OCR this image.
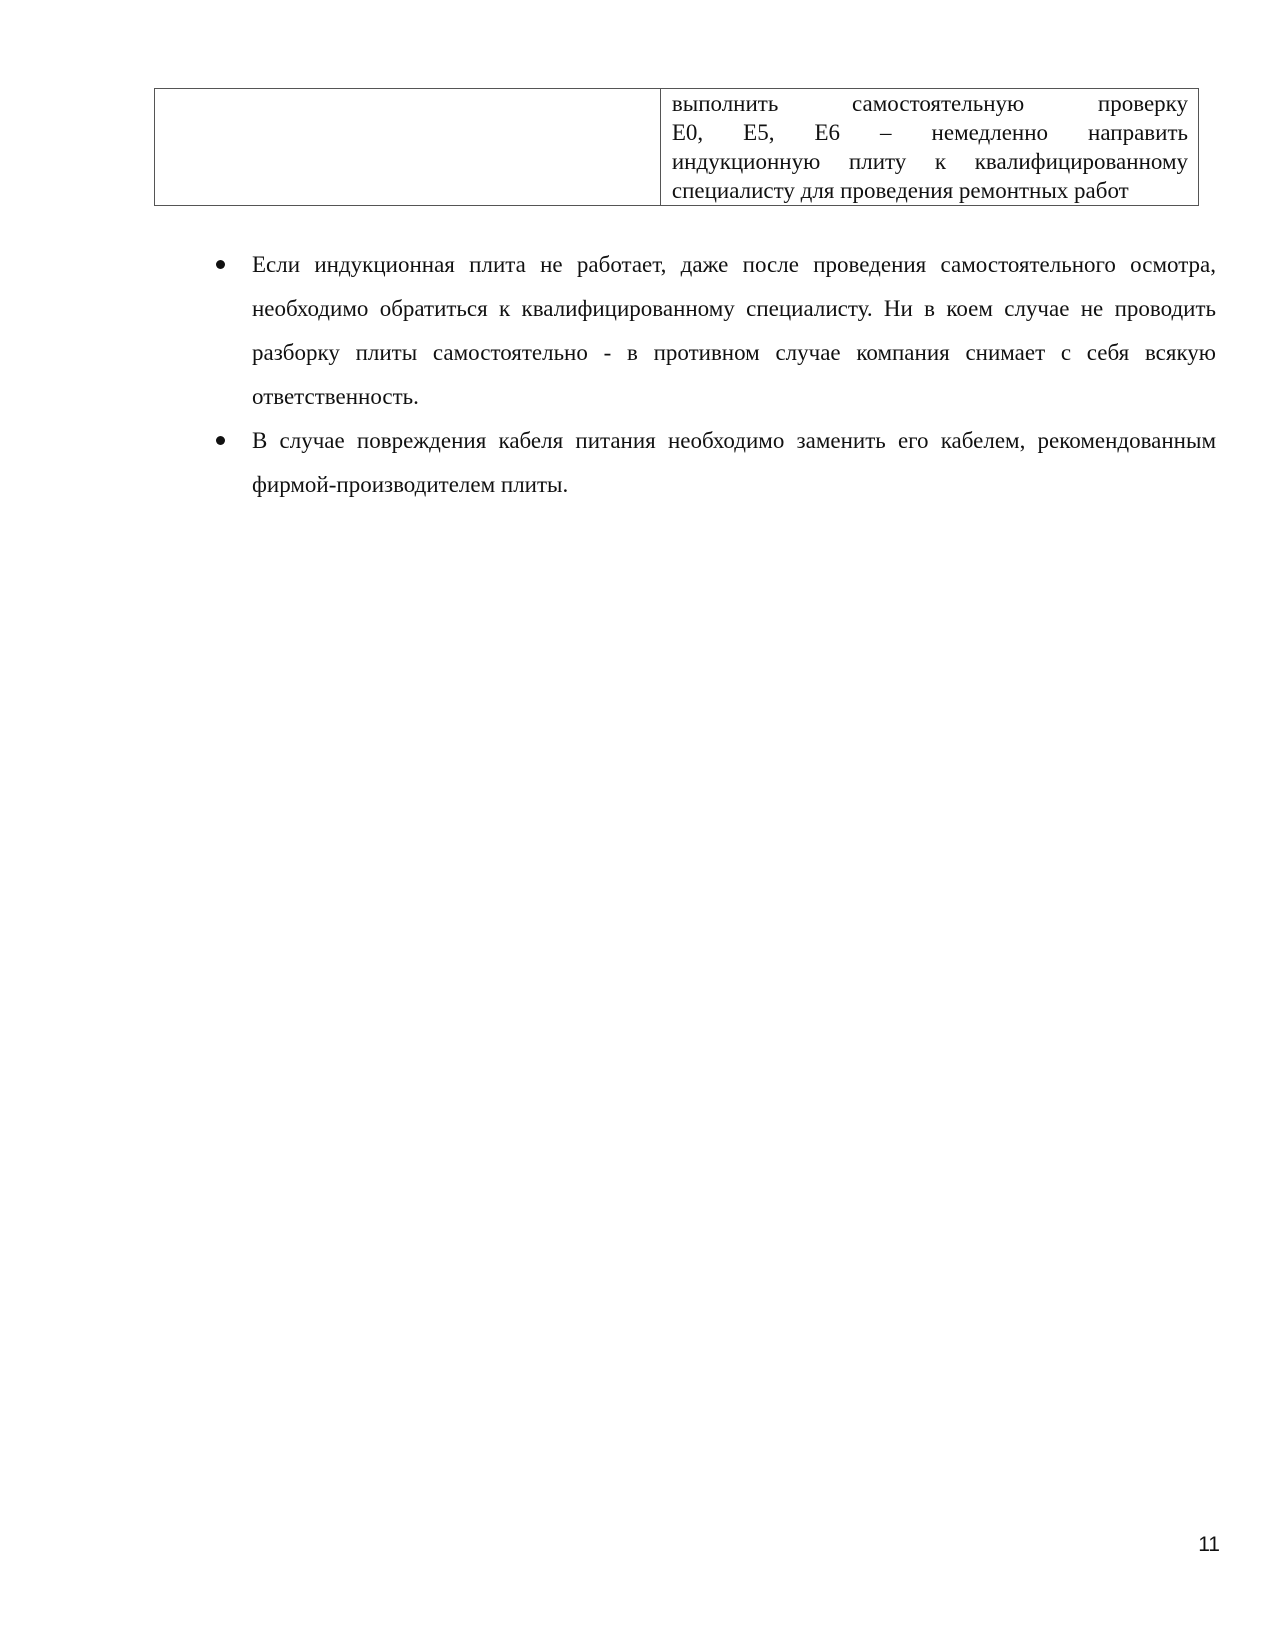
выполнить самостоятельную проверку
Е0, Е5, Е6 – немедленно направить
индукционную плиту к квалифицированному
специалисту для проведения ремонтных работ
Если индукционная плита не работает, даже после проведения самостоятельного осмотра, необходимо обратиться к квалифицированному специалисту. Ни в коем случае не проводить разборку плиты самостоятельно - в противном случае компания снимает с себя всякую ответственность.
В случае повреждения кабеля питания необходимо заменить его кабелем, рекомендованным фирмой-производителем плиты.
11
